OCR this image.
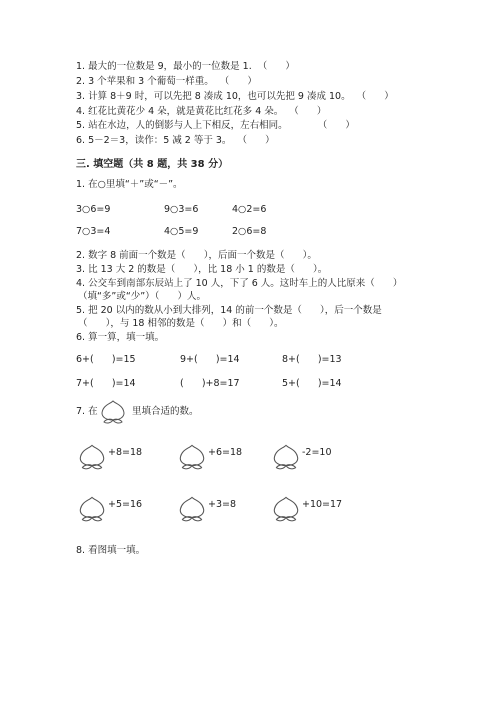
1. 最大的一位数是 9，最小的一位数是 1.  （      ）
2. 3 个苹果和 3 个葡萄一样重。  （      ）
3. 计算 8＋9 时，可以先把 8 凑成 10，也可以先把 9 凑成 10。  （      ）
4. 红花比黄花少 4 朵，就是黄花比红花多 4 朵。  （      ）
5. 站在水边，人的倒影与人上下相反，左右相同。          （      ）
6. 5－2＝3，读作：5 减 2 等于 3。  （      ）
三. 填空题（共 8 题，共 38 分）
1. 在○里填“＋”或“－”。
3○6=9	9○3=6	4○2=6
7○3=4	4○5=9	2○6=8
2. 数字 8 前面一个数是（      ），后面一个数是（      ）。
3. 比 13 大 2 的数是（      ），比 18 小 1 的数是（      ）。
4. 公交车到南部东辰站上了 10 人，下了 6 人。这时车上的人比原来（      ）
（填“多”或“少”）（      ）人。
5. 把 20 以内的数从小到大排列，14 的前一个数是（      ），后一个数是
（      ），与 18 相邻的数是（      ）和（      ）。
6. 算一算，填一填。
6+(      )=15	9+(      )=14	8+(      )=13
7+(      )=14	(      )+8=17	5+(      )=14
7. 在	里填合适的数。
+8=18	+6=18	-2=10
+5=16	+3=8	+10=17
8. 看图填一填。
